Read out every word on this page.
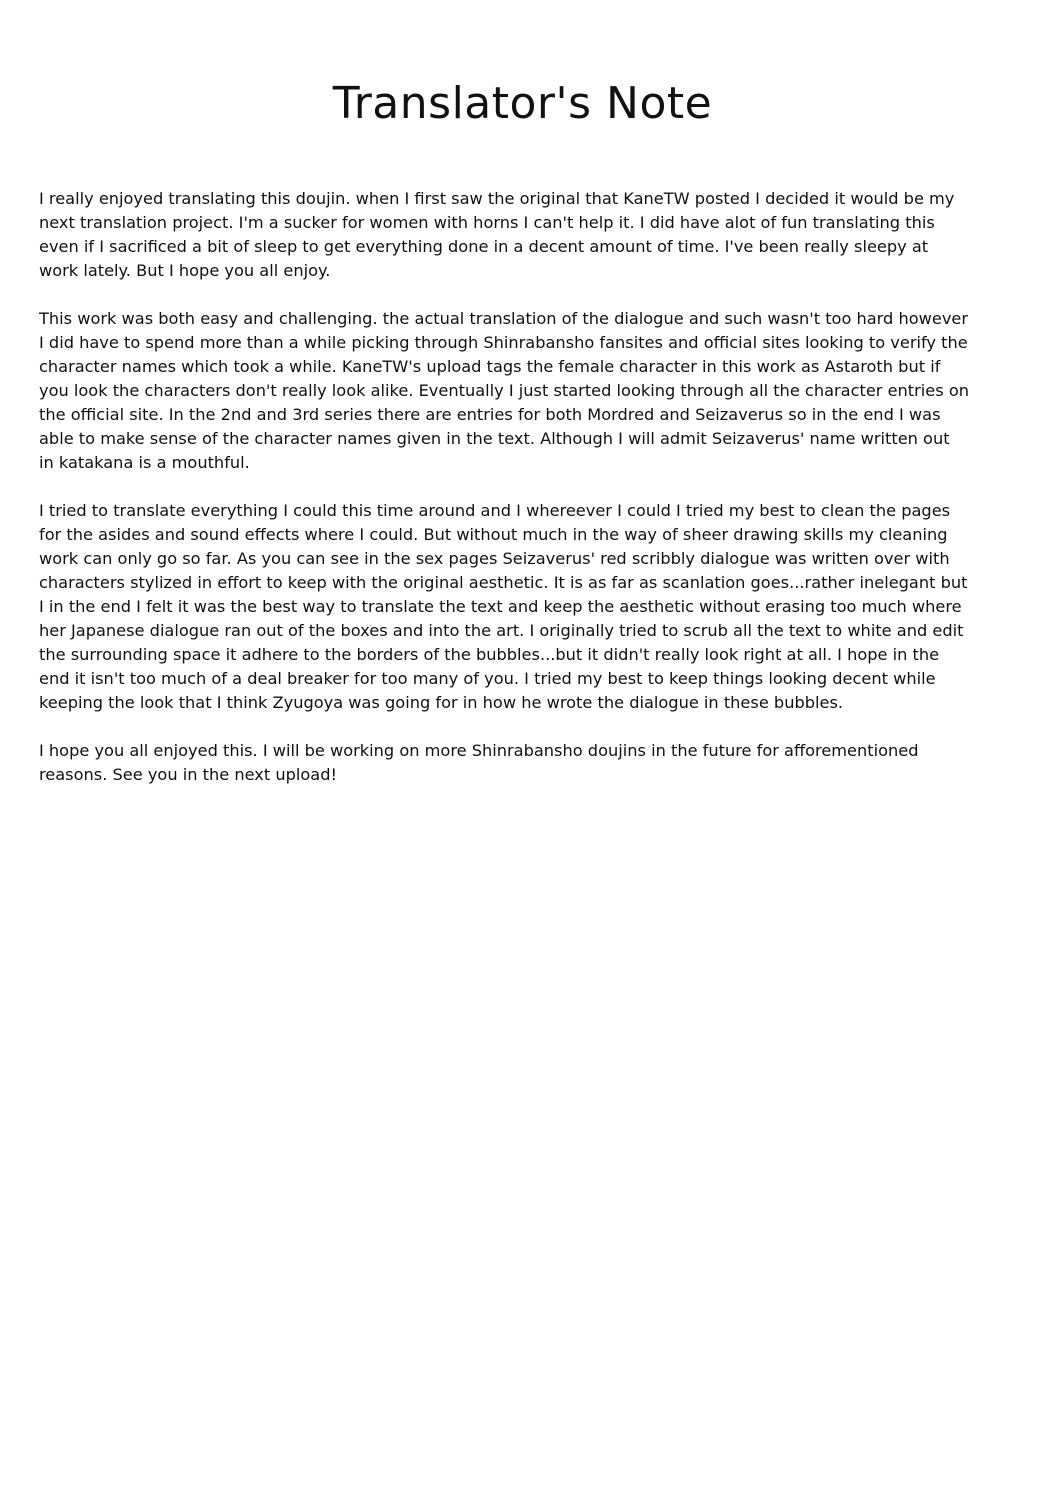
Translator's Note

I really enjoyed translating this doujin. when I first saw the original that KaneTW posted I decided it would be my next translation project. I'm a sucker for women with horns I can't help it. I did have alot of fun translating this even if I sacrificed a bit of sleep to get everything done in a decent amount of time. I've been really sleepy at work lately. But I hope you all enjoy.

This work was both easy and challenging. the actual translation of the dialogue and such wasn't too hard however I did have to spend more than a while picking through Shinrabansho fansites and official sites looking to verify the character names which took a while. KaneTW's upload tags the female character in this work as Astaroth but if you look the characters don't really look alike. Eventually I just started looking through all the character entries on the official site. In the 2nd and 3rd series there are entries for both Mordred and Seizaverus so in the end I was able to make sense of the character names given in the text. Although I will admit Seizaverus' name written out in katakana is a mouthful.

I tried to translate everything I could this time around and I whereever I could I tried my best to clean the pages for the asides and sound effects where I could. But without much in the way of sheer drawing skills my cleaning work can only go so far. As you can see in the sex pages Seizaverus' red scribbly dialogue was written over with characters stylized in effort to keep with the original aesthetic. It is as far as scanlation goes...rather inelegant but I in the end I felt it was the best way to translate the text and keep the aesthetic without erasing too much where her Japanese dialogue ran out of the boxes and into the art. I originally tried to scrub all the text to white and edit the surrounding space it adhere to the borders of the bubbles...but it didn't really look right at all. I hope in the end it isn't too much of a deal breaker for too many of you. I tried my best to keep things looking decent while keeping the look that I think Zyugoya was going for in how he wrote the dialogue in these bubbles.

I hope you all enjoyed this. I will be working on more Shinrabansho doujins in the future for afforementioned reasons. See you in the next upload!
